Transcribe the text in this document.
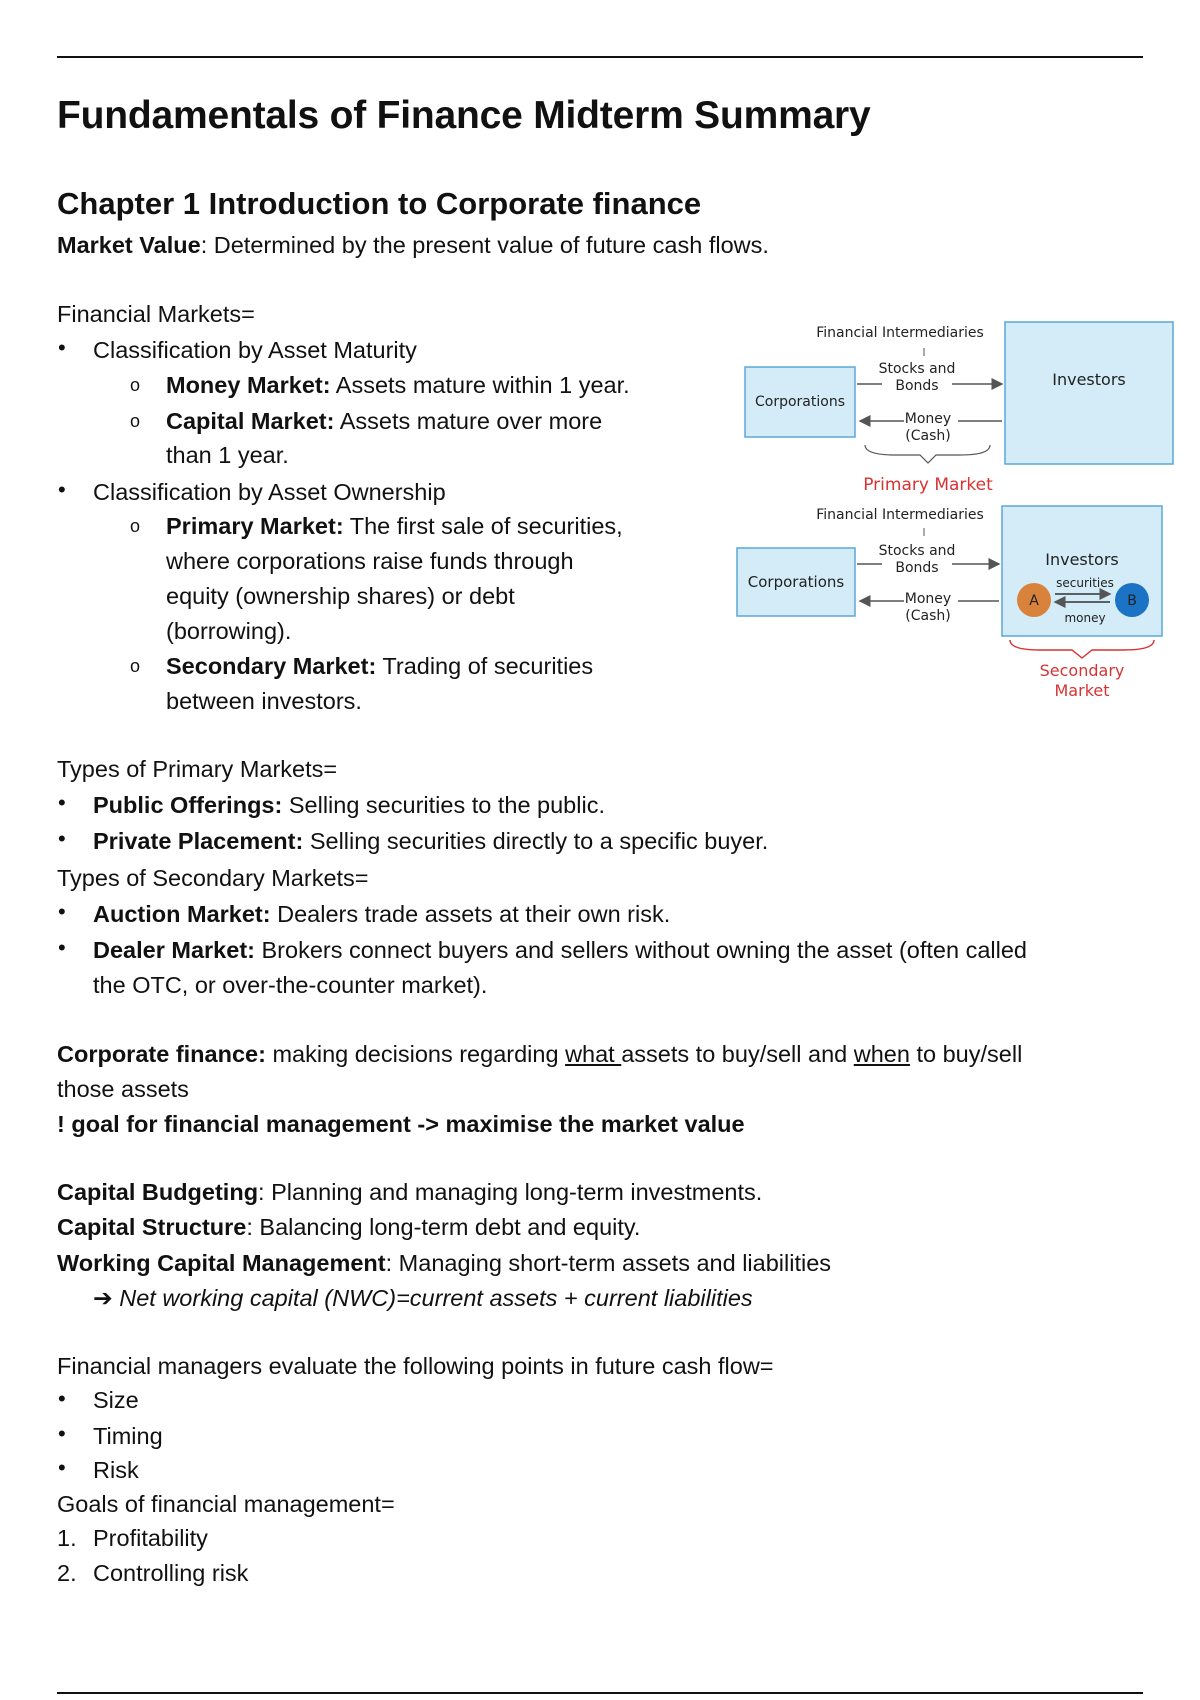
Fundamentals of Finance Midterm Summary
Chapter 1 Introduction to Corporate finance
Market Value: Determined by the present value of future cash flows.
Financial Markets=
• Classification by Asset Maturity
o Money Market: Assets mature within 1 year.
o Capital Market: Assets mature over more
than 1 year.
• Classification by Asset Ownership
o Primary Market: The first sale of securities,
where corporations raise funds through
equity (ownership shares) or debt
(borrowing).
o Secondary Market: Trading of securities
between investors.
Financial Intermediaries
Corporations
Investors
Stocks and
Bonds
Money
(Cash)
Primary Market
Financial Intermediaries
Corporations
Investors
securities
money
A	B
Stocks and
Bonds
Money
(Cash)
Secondary
Market
Types of Primary Markets=
• Public Offerings: Selling securities to the public.
• Private Placement: Selling securities directly to a specific buyer.
Types of Secondary Markets=
• Auction Market: Dealers trade assets at their own risk.
• Dealer Market: Brokers connect buyers and sellers without owning the asset (often called
the OTC, or over-the-counter market).
Corporate finance: making decisions regarding what assets to buy/sell and when to buy/sell
those assets
! goal for financial management -> maximise the market value
Capital Budgeting: Planning and managing long-term investments.
Capital Structure: Balancing long-term debt and equity.
Working Capital Management: Managing short-term assets and liabilities
➔ Net working capital (NWC)=current assets + current liabilities
Financial managers evaluate the following points in future cash flow=
• Size
• Timing
• Risk
Goals of financial management=
1. Profitability
2. Controlling risk
